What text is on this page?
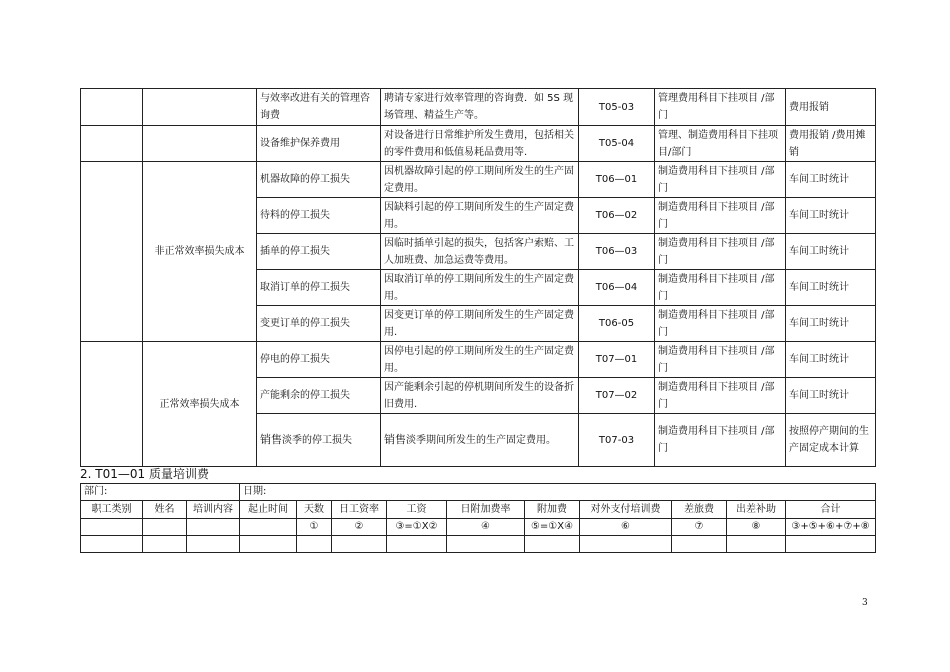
		与效率改进有关的管理咨询费	聘请专家进行效率管理的咨询费．如 5S 现场管理、精益生产等。	T05-03	管理费用科目下挂项目 /部门	费用报销
		设备维护保养费用	对设备进行日常维护所发生费用，包括相关的零件费用和低值易耗品费用等.	T05-04	管理、制造费用科目下挂项目/部门	费用报销 /费用摊销
	非正常效率损失成本	机器故障的停工损失	因机器故障引起的停工期间所发生的生产固定费用。	T06—01	制造费用科目下挂项目 /部门	车间工时统计
		待料的停工损失	因缺料引起的停工期间所发生的生产固定费用。	T06—02	制造费用科目下挂项目 /部门	车间工时统计
		插单的停工损失	因临时插单引起的损失，包括客户索赔、工人加班费、加急运费等费用。	T06—03	制造费用科目下挂项目 /部门	车间工时统计
		取消订单的停工损失	因取消订单的停工期间所发生的生产固定费用。	T06—04	制造费用科目下挂项目 /部门	车间工时统计
		变更订单的停工损失	因变更订单的停工期间所发生的生产固定费用.	T06-05	制造费用科目下挂项目 /部门	车间工时统计
	正常效率损失成本	停电的停工损失	因停电引起的停工期间所发生的生产固定费用。	T07—01	制造费用科目下挂项目 /部门	车间工时统计
		产能剩余的停工损失	因产能剩余引起的停机期间所发生的设备折旧费用.	T07—02	制造费用科目下挂项目 /部门	车间工时统计
		销售淡季的停工损失	销售淡季期间所发生的生产固定费用。	T07-03	制造费用科目下挂项目 /部门	按照停产期间的生产固定成本计算
2. T01—01 质量培训费
部门:			日期:									
职工类别	姓名	培训内容	起止时间	天数	日工资率	工资	日附加费率	附加费	对外支付培训费	差旅费	出差补助	合计
				①	②	③=①X②	④	⑤=①X④	⑥	⑦	⑧	③+⑤+⑥+⑦+⑧

3
